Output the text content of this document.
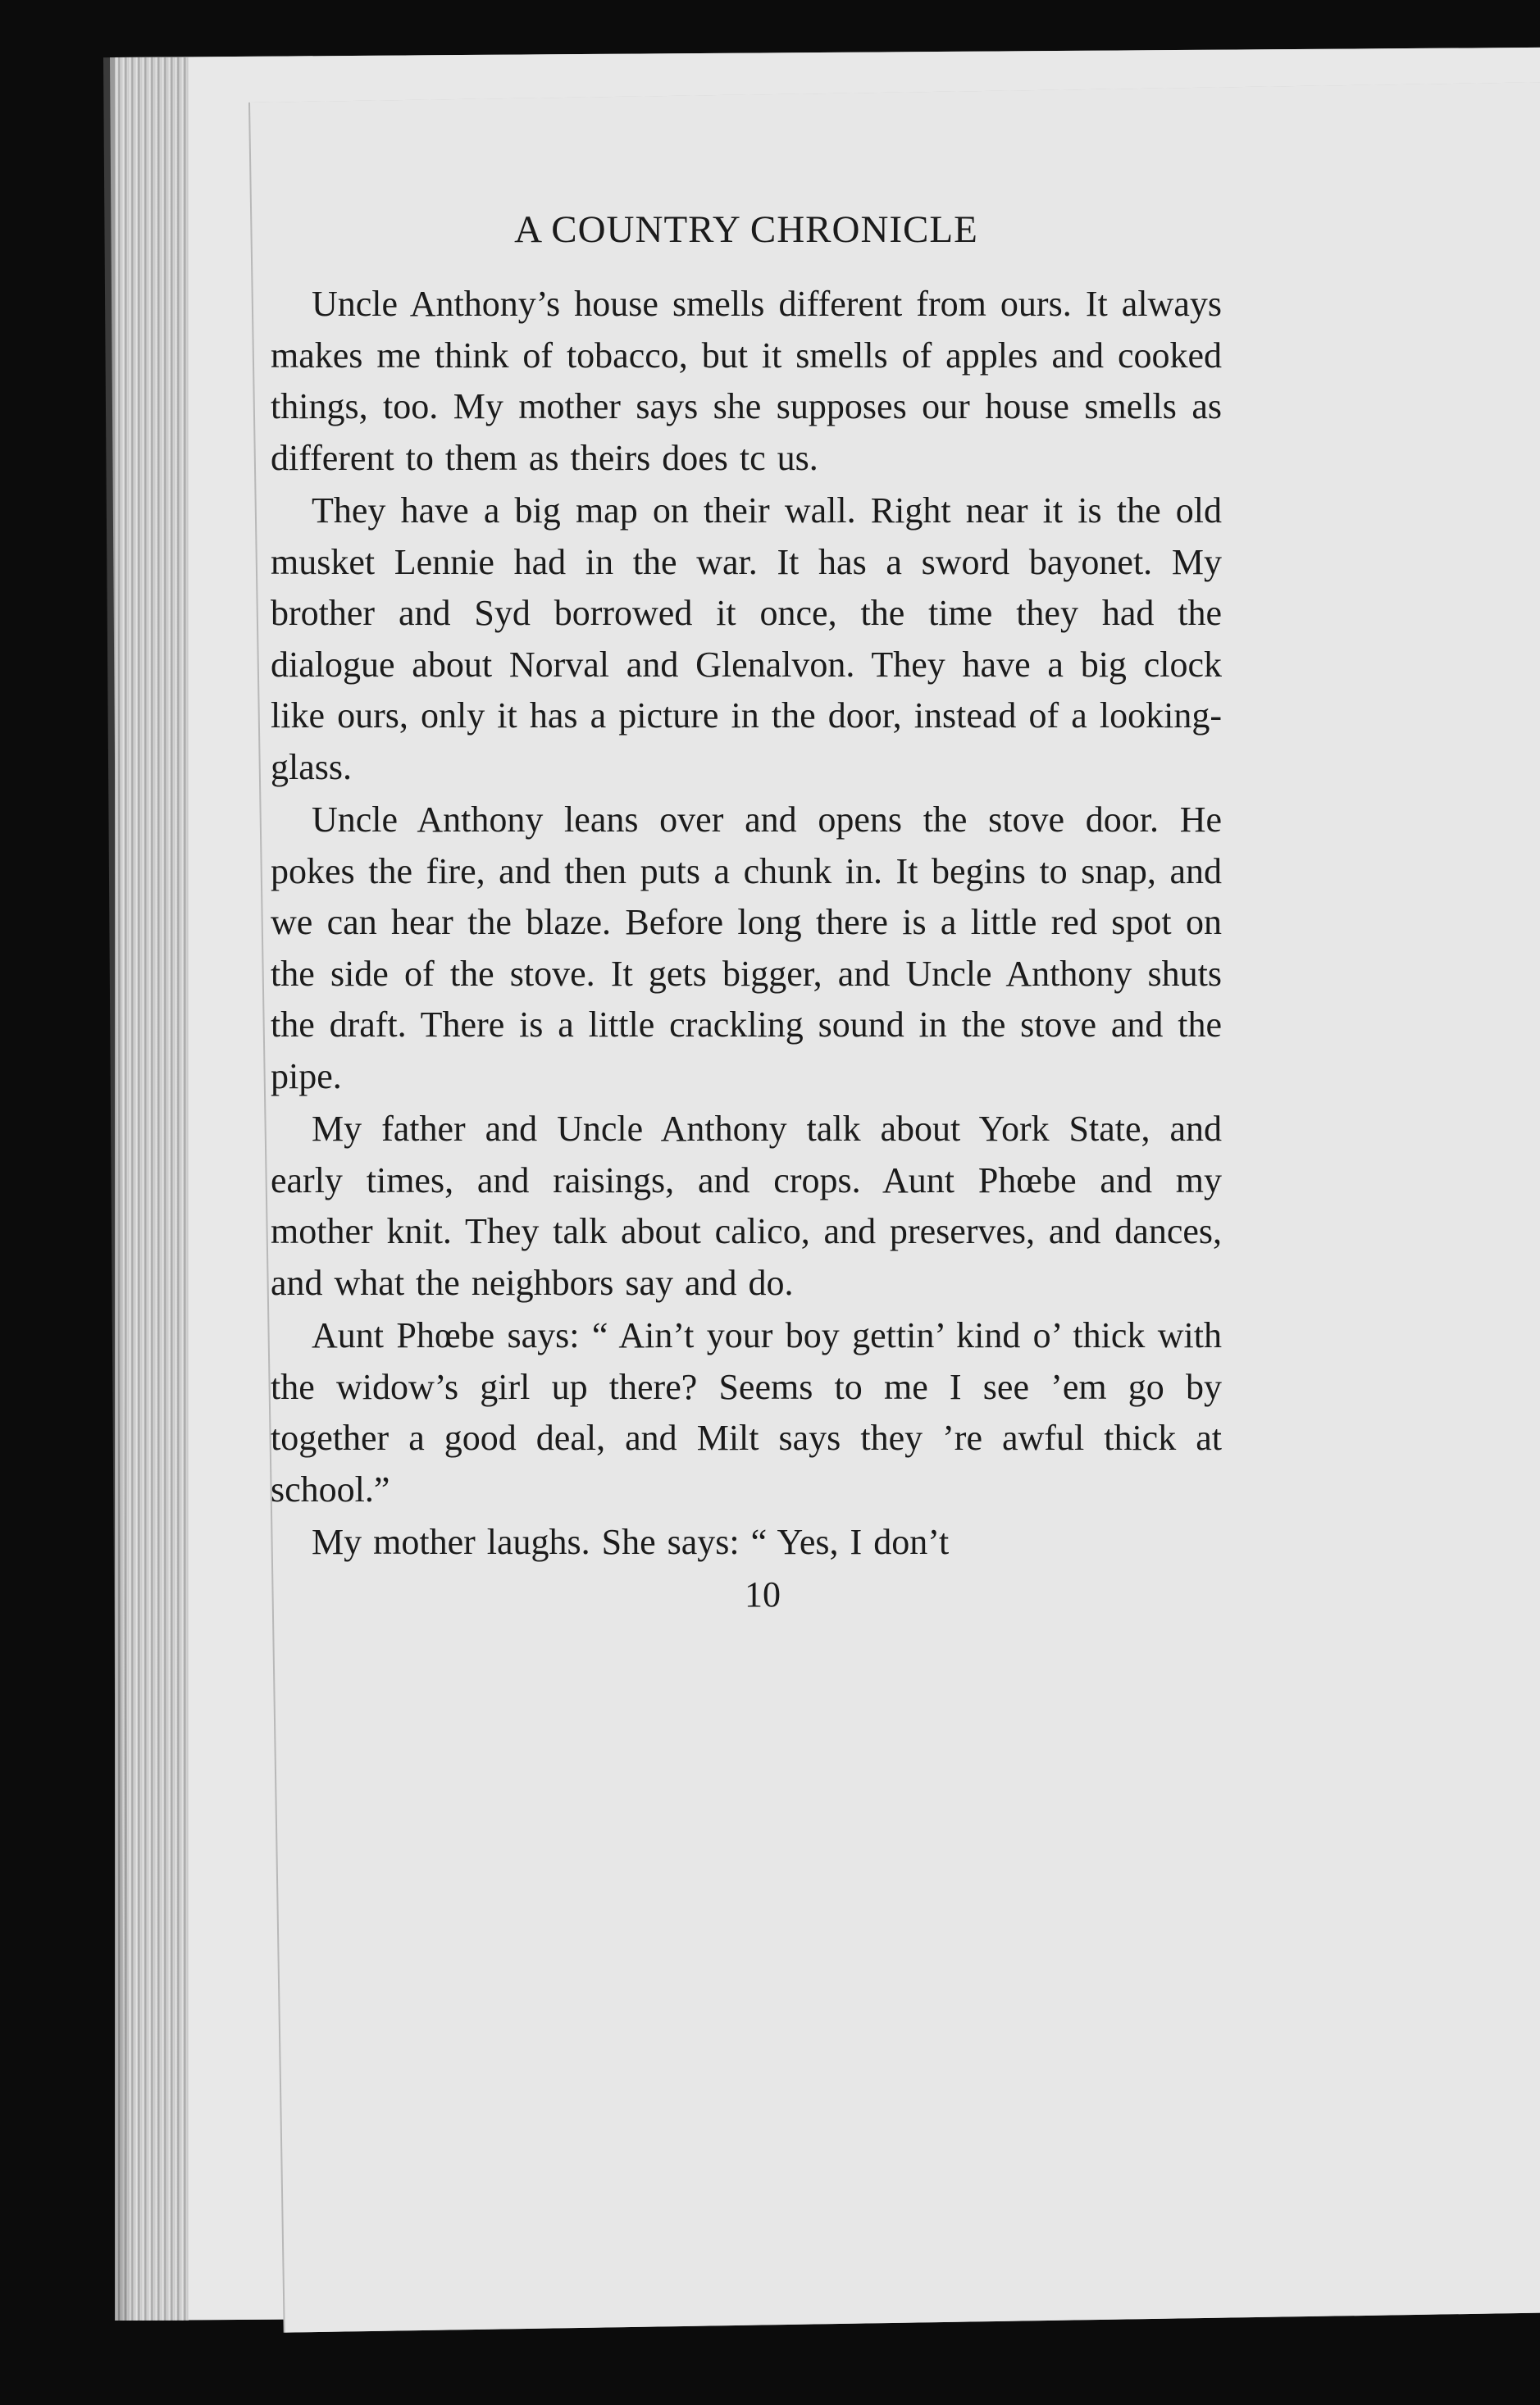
A COUNTRY CHRONICLE

Uncle Anthony’s house smells different from ours. It always makes me think of tobacco, but it smells of apples and cooked things, too. My mother says she supposes our house smells as different to them as theirs does tc us.

They have a big map on their wall. Right near it is the old musket Lennie had in the war. It has a sword bayonet. My brother and Syd borrowed it once, the time they had the dialogue about Norval and Glenalvon. They have a big clock like ours, only it has a picture in the door, instead of a looking-glass.

Uncle Anthony leans over and opens the stove door. He pokes the fire, and then puts a chunk in. It begins to snap, and we can hear the blaze. Before long there is a little red spot on the side of the stove. It gets bigger, and Uncle Anthony shuts the draft. There is a little crackling sound in the stove and the pipe.

My father and Uncle Anthony talk about York State, and early times, and raisings, and crops. Aunt Phœbe and my mother knit. They talk about calico, and preserves, and dances, and what the neighbors say and do.

Aunt Phœbe says: “ Ain’t your boy gettin’ kind o’ thick with the widow’s girl up there? Seems to me I see ’em go by together a good deal, and Milt says they ’re awful thick at school.”

My mother laughs. She says: “ Yes, I don’t

10
